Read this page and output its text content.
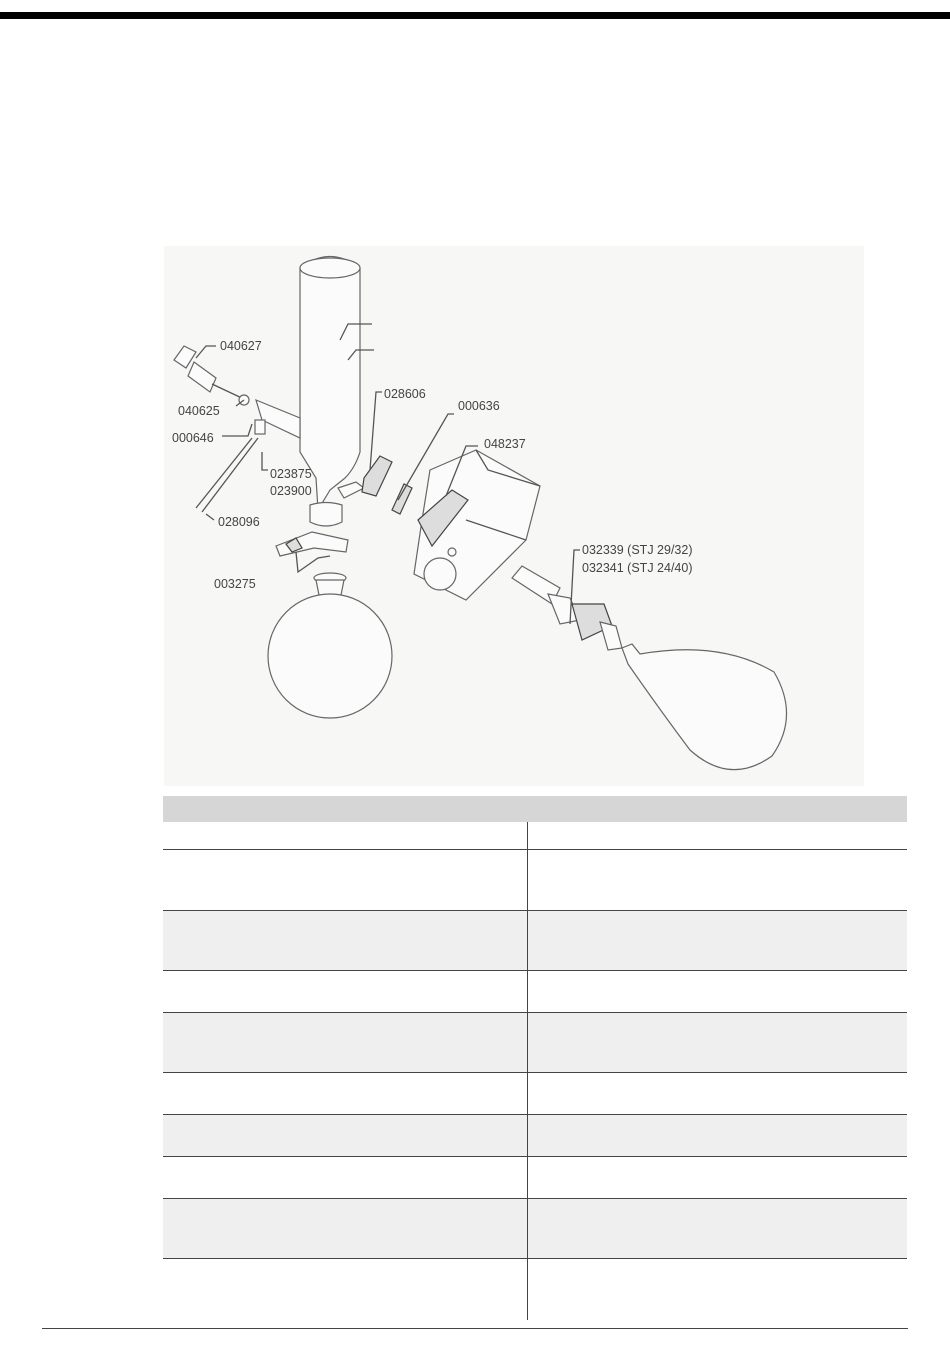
040627
040625
000646
023875
023900
028096
028606
000636
048237
003275
032339 (STJ 29/32)
032341 (STJ 24/40)
